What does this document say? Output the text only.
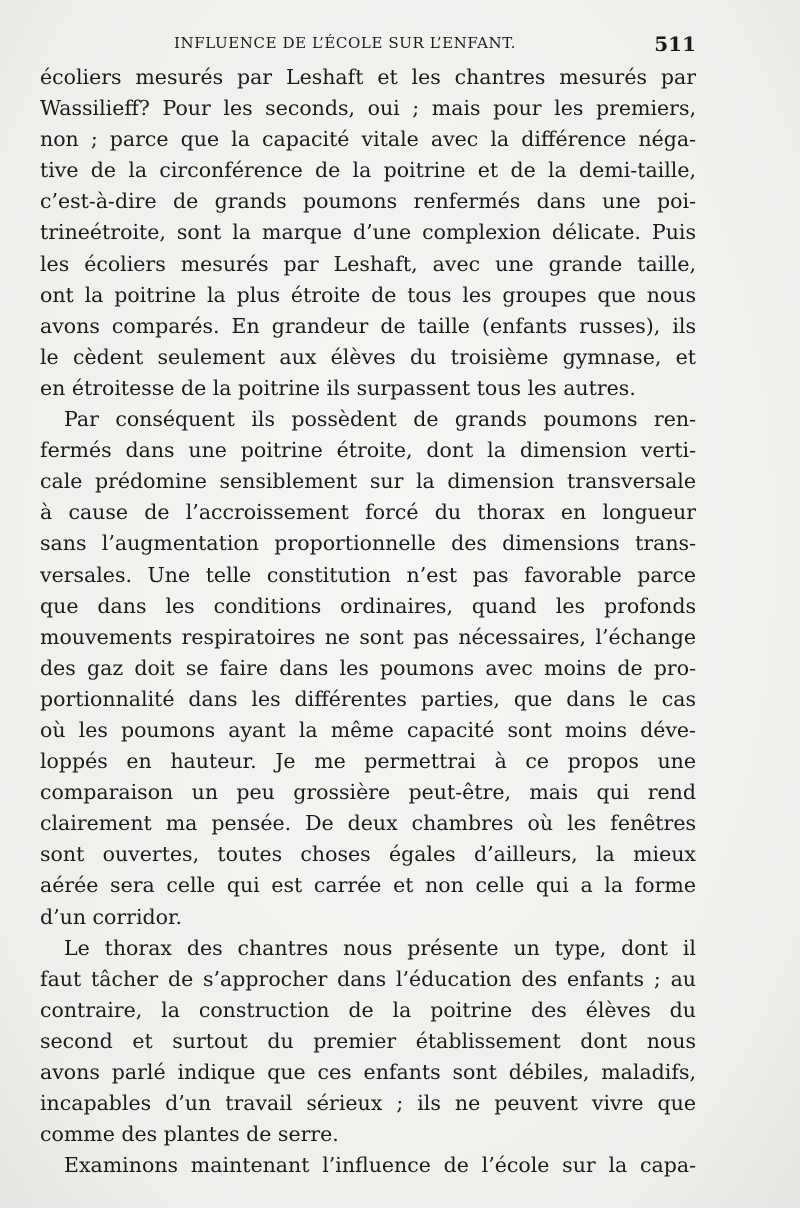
INFLUENCE DE L’ÉCOLE SUR L’ENFANT.	511
écoliers mesurés par Leshaft et les chantres mesurés par
Wassilieff? Pour les seconds, oui ; mais pour les premiers,
non ; parce que la capacité vitale avec la différence néga-
tive de la circonférence de la poitrine et de la demi-taille,
c’est-à-dire de grands poumons renfermés dans une poi-
trineétroite, sont la marque d’une complexion délicate. Puis
les écoliers mesurés par Leshaft, avec une grande taille,
ont la poitrine la plus étroite de tous les groupes que nous
avons comparés. En grandeur de taille (enfants russes), ils
le cèdent seulement aux élèves du troisième gymnase, et
en étroitesse de la poitrine ils surpassent tous les autres.
Par conséquent ils possèdent de grands poumons ren-
fermés dans une poitrine étroite, dont la dimension verti-
cale prédomine sensiblement sur la dimension transversale
à cause de l’accroissement forcé du thorax en longueur
sans l’augmentation proportionnelle des dimensions trans-
versales. Une telle constitution n’est pas favorable parce
que dans les conditions ordinaires, quand les profonds
mouvements respiratoires ne sont pas nécessaires, l’échange
des gaz doit se faire dans les poumons avec moins de pro-
portionnalité dans les différentes parties, que dans le cas
où les poumons ayant la même capacité sont moins déve-
loppés en hauteur. Je me permettrai à ce propos une
comparaison un peu grossière peut-être, mais qui rend
clairement ma pensée. De deux chambres où les fenêtres
sont ouvertes, toutes choses égales d’ailleurs, la mieux
aérée sera celle qui est carrée et non celle qui a la forme
d’un corridor.
Le thorax des chantres nous présente un type, dont il
faut tâcher de s’approcher dans l’éducation des enfants ; au
contraire, la construction de la poitrine des élèves du
second et surtout du premier établissement dont nous
avons parlé indique que ces enfants sont débiles, maladifs,
incapables d’un travail sérieux ; ils ne peuvent vivre que
comme des plantes de serre.
Examinons maintenant l’influence de l’école sur la capa-
